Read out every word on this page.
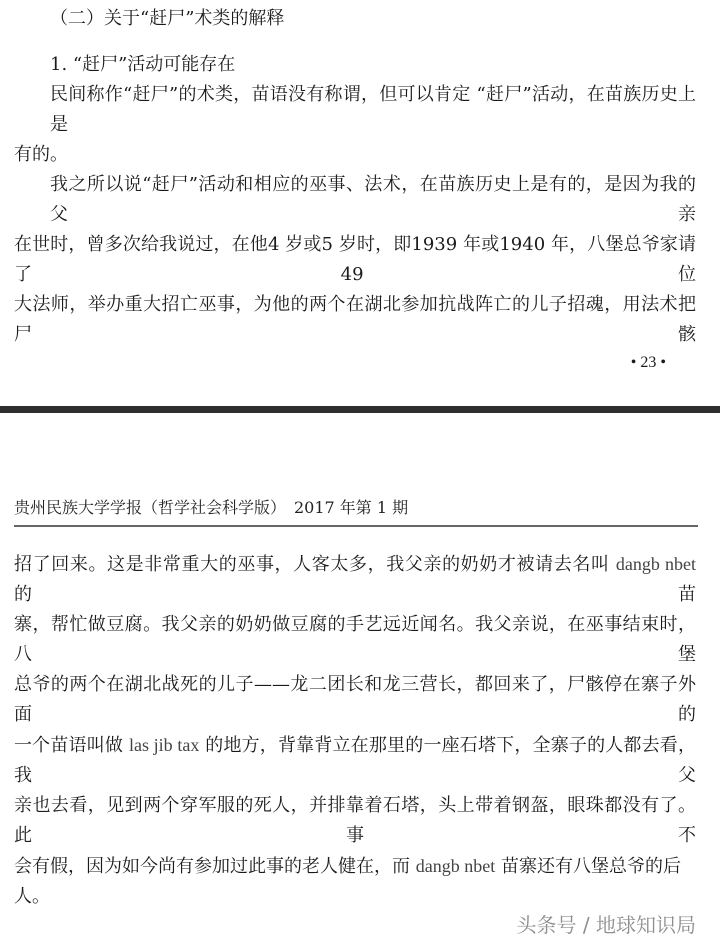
（二）关于“赶尸”术类的解释
1. “赶尸”活动可能存在
民间称作“赶尸”的术类，苗语没有称谓，但可以肯定 “赶尸”活动，在苗族历史上是
有的。
我之所以说“赶尸”活动和相应的巫事、法术，在苗族历史上是有的，是因为我的父亲
在世时，曾多次给我说过，在他4 岁或5 岁时，即1939 年或1940 年，八堡总爷家请了49 位
大法师，举办重大招亡巫事，为他的两个在湖北参加抗战阵亡的儿子招魂，用法术把尸骸
• 23 •
贵州民族大学学报（哲学社会科学版）　2017 年第 1 期
招了回来。这是非常重大的巫事，人客太多，我父亲的奶奶才被请去名叫 dangb nbet 的苗
寨，帮忙做豆腐。我父亲的奶奶做豆腐的手艺远近闻名。我父亲说，在巫事结束时，八堡
总爷的两个在湖北战死的儿子——龙二团长和龙三营长，都回来了，尸骸停在寨子外面的
一个苗语叫做 las jib tax 的地方，背靠背立在那里的一座石塔下，全寨子的人都去看，我父
亲也去看，见到两个穿军服的死人，并排靠着石塔，头上带着钢盔，眼珠都没有了。此事不
会有假，因为如今尚有参加过此事的老人健在，而 dangb nbet 苗寨还有八堡总爷的后人。
头条号 / 地球知识局
